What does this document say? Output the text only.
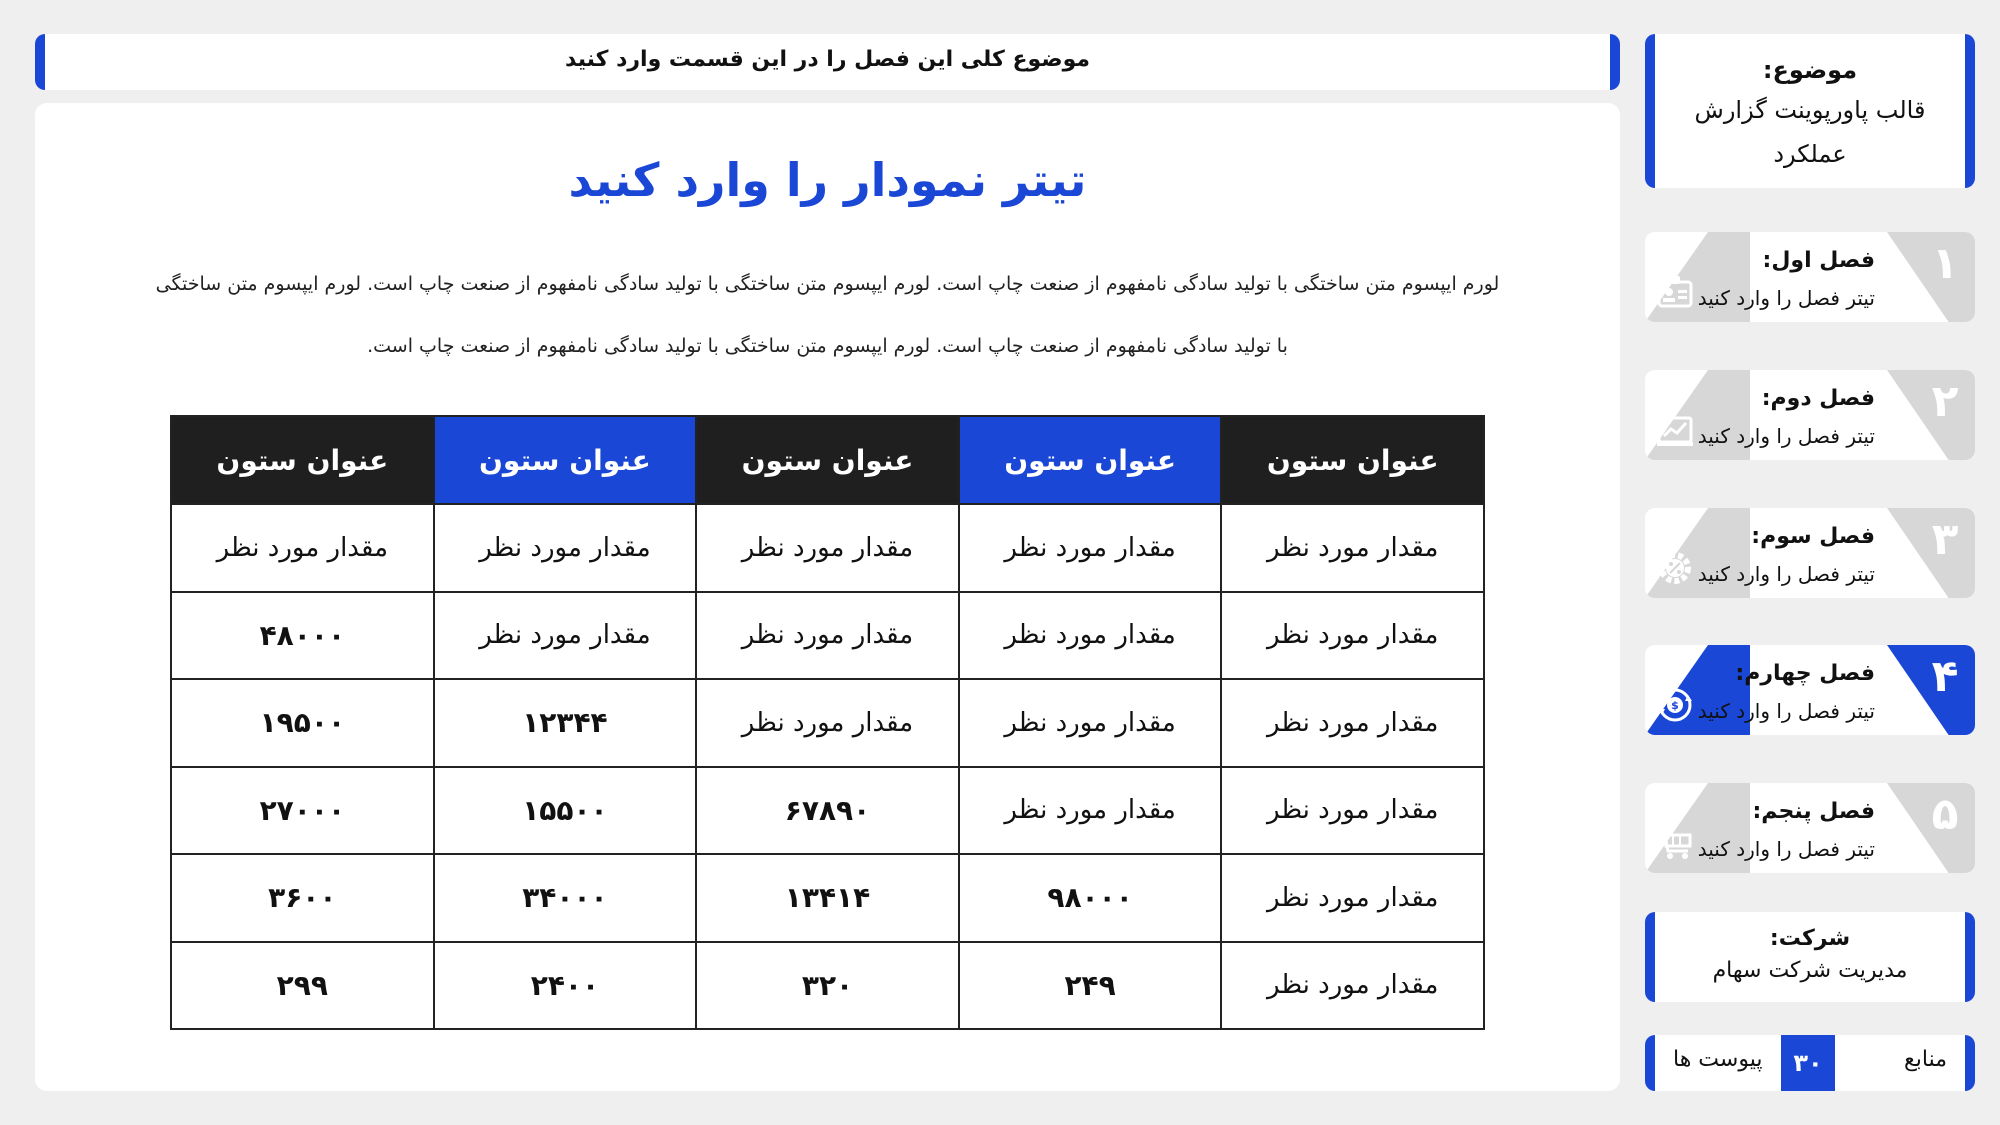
موضوع:
قالب پاورپوینت گزارش عملکرد
۱
فصل اول:
تیتر فصل را وارد کنید
۲
فصل دوم:
تیتر فصل را وارد کنید
۳
فصل سوم:
تیتر فصل را وارد کنید
۴
فصل چهارم:
تیتر فصل را وارد کنید
$
۵
فصل پنجم:
تیتر فصل را وارد کنید
شرکت:
مدیریت شرکت سهام
منابع
۳۰
پیوست ها
موضوع کلی این فصل را در این قسمت وارد کنید
تیتر نمودار را وارد کنید
لورم ایپسوم متن ساختگی با تولید سادگی نامفهوم از صنعت چاپ است. لورم ایپسوم متن ساختگی با تولید سادگی نامفهوم از صنعت چاپ است. لورم ایپسوم متن ساختگی با تولید سادگی نامفهوم از صنعت چاپ است. لورم ایپسوم متن ساختگی با تولید سادگی نامفهوم از صنعت چاپ است.
عنوان ستون	عنوان ستون	عنوان ستون	عنوان ستون	عنوان ستون
مقدار مورد نظر	مقدار مورد نظر	مقدار مورد نظر	مقدار مورد نظر	مقدار مورد نظر
مقدار مورد نظر	مقدار مورد نظر	مقدار مورد نظر	مقدار مورد نظر	۴۸۰۰۰
مقدار مورد نظر	مقدار مورد نظر	مقدار مورد نظر	۱۲۳۴۴	۱۹۵۰۰
مقدار مورد نظر	مقدار مورد نظر	۶۷۸۹۰	۱۵۵۰۰	۲۷۰۰۰
مقدار مورد نظر	۹۸۰۰۰	۱۳۴۱۴	۳۴۰۰۰	۳۶۰۰
مقدار مورد نظر	۲۴۹	۳۲۰	۲۴۰۰	۲۹۹
